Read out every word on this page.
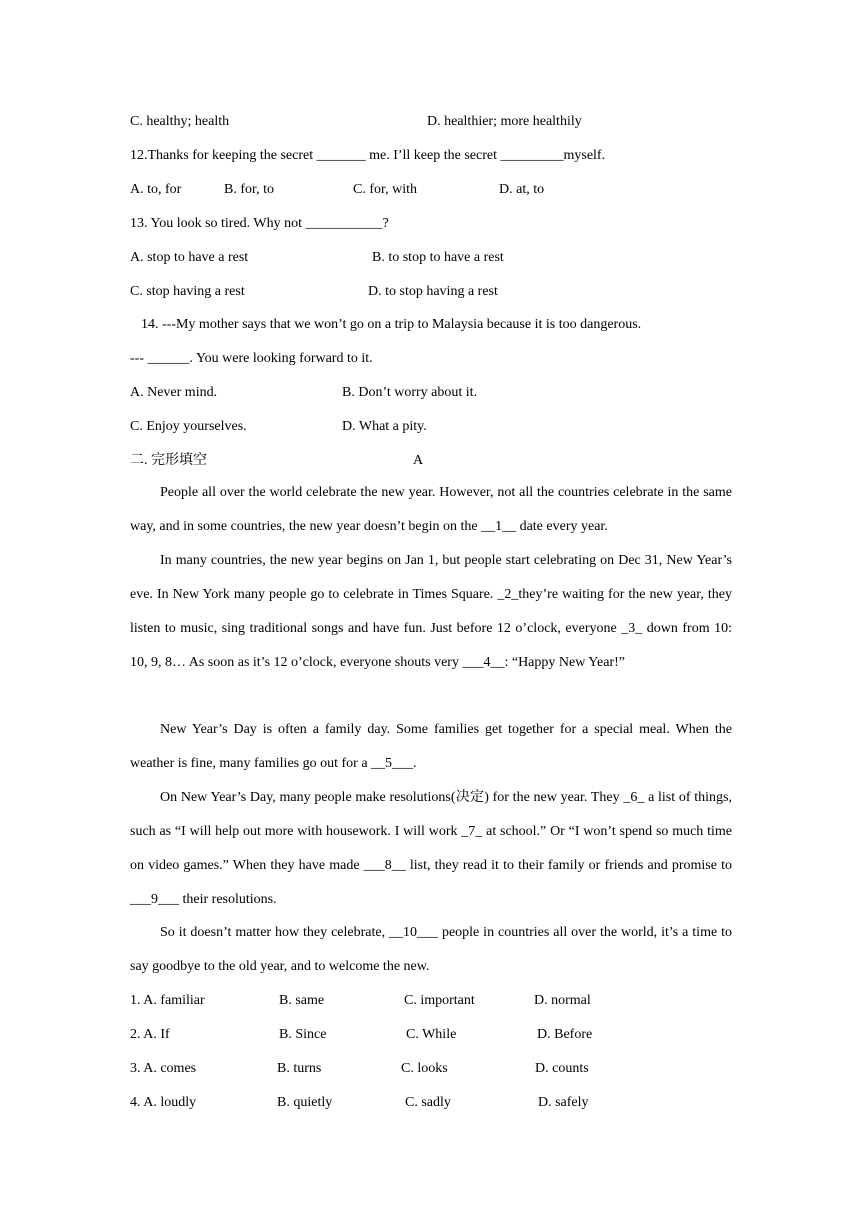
C. healthy; health	D. healthier; more healthily
12.Thanks for keeping the secret _______ me. I’ll keep the secret _________myself.
A. to, for	B. for, to	C. for, with	D. at, to
13. You look so tired. Why not ___________?
A. stop to have a rest	B. to stop to have a rest
C. stop having a rest	D. to stop having a rest
14. ---My mother says that we won’t go on a trip to Malaysia because it is too dangerous.
--- ______. You were looking forward to it.
A. Never mind.	B. Don’t worry about it.
C. Enjoy yourselves.	D. What a pity.
二. 完形填空	A
People all over the world celebrate the new year. However, not all the countries celebrate in the same way, and in some countries, the new year doesn’t begin on the __1__ date every year.
In many countries, the new year begins on Jan 1, but people start celebrating on Dec 31, New Year’s eve. In New York many people go to celebrate in Times Square. _2_they’re waiting for the new year, they listen to music, sing traditional songs and have fun. Just before 12 o’clock, everyone _3_ down from 10: 10, 9, 8… As soon as it’s 12 o’clock, everyone shouts very ___4__: “Happy New Year!”
New Year’s Day is often a family day. Some families get together for a special meal. When the weather is fine, many families go out for a __5___.
On New Year’s Day, many people make resolutions(决定) for the new year. They _6_ a list of things, such as “I will help out more with housework. I will work _7_ at school.” Or “I won’t spend so much time on video games.” When they have made ___8__ list, they read it to their family or friends and promise to ___9___ their resolutions.
So it doesn’t matter how they celebrate, __10___ people in countries all over the world, it’s a time to say goodbye to the old year, and to welcome the new.
1. A. familiar	B. same	C. important	D. normal
2. A. If	B. Since	C. While	D. Before
3. A. comes	B. turns	C. looks	D. counts
4. A. loudly	B. quietly	C. sadly	D. safely
